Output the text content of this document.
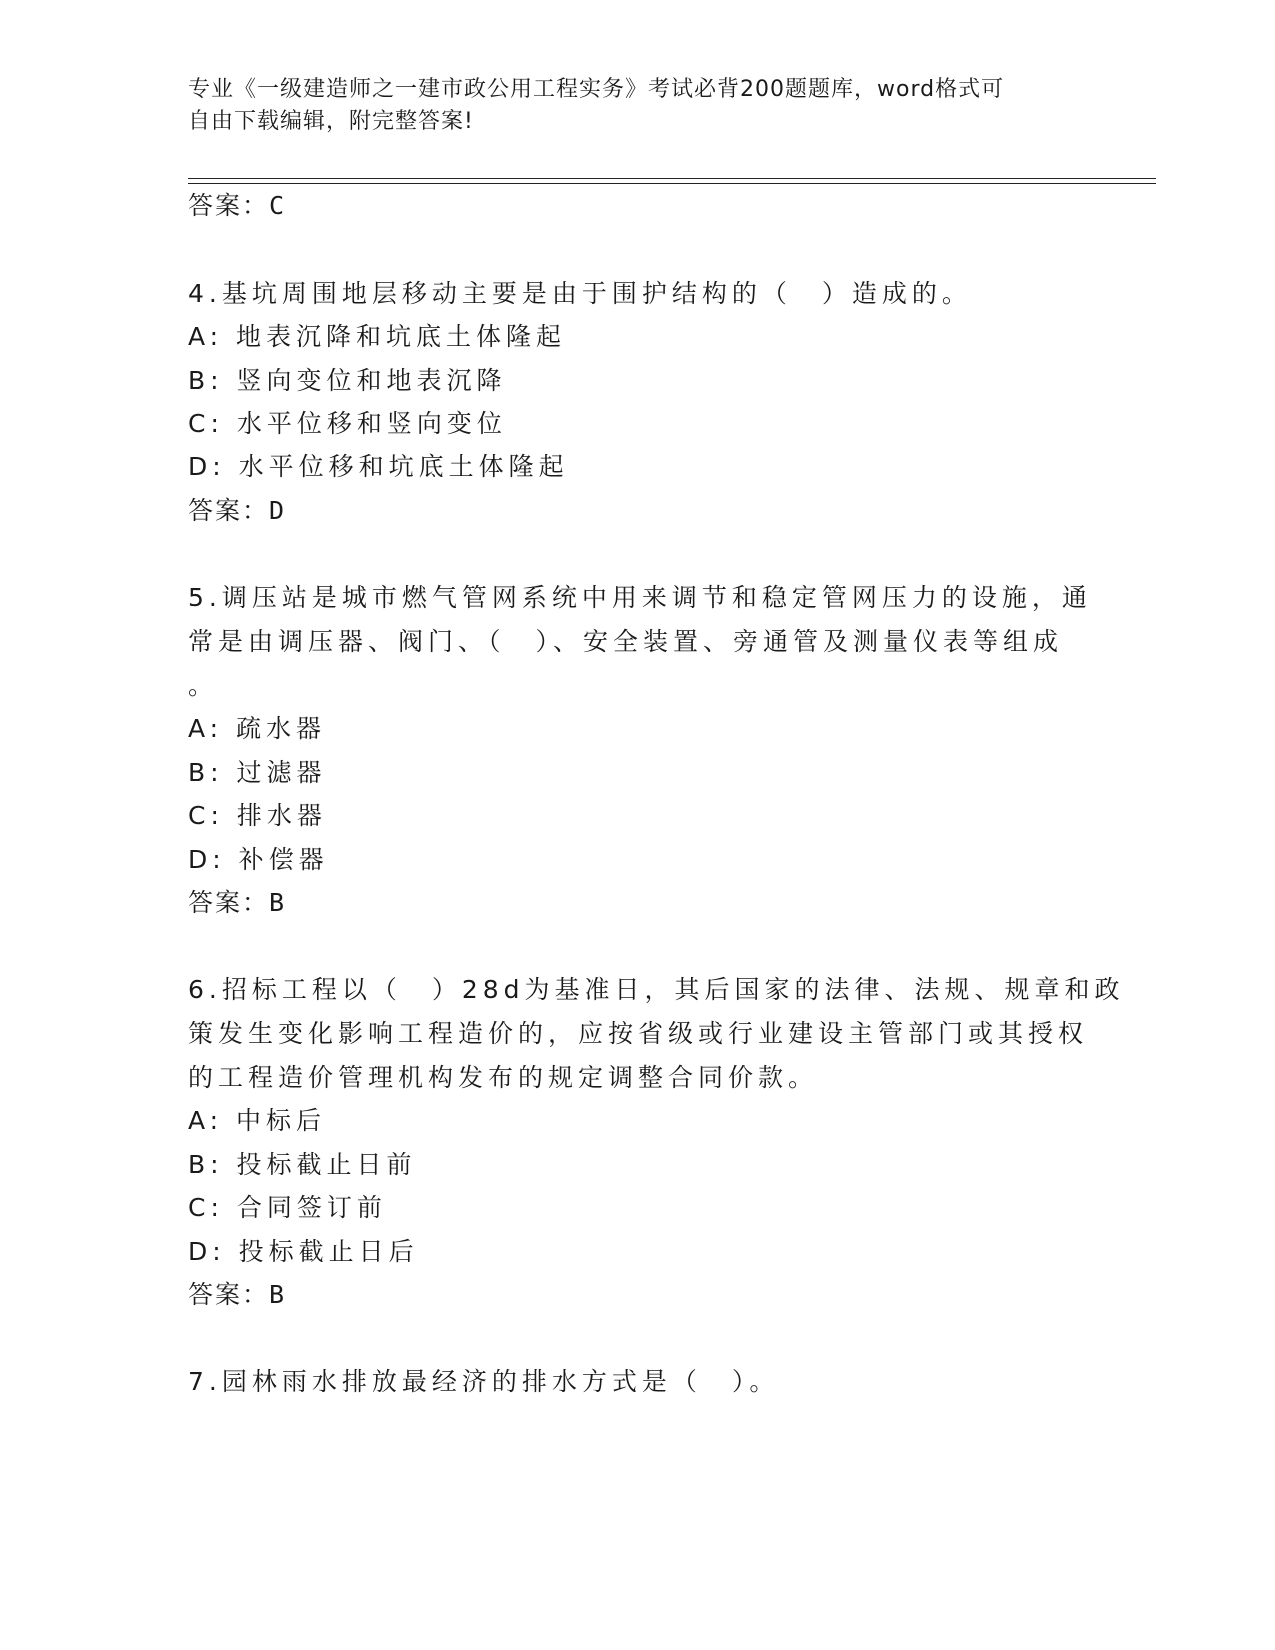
专业《一级建造师之一建市政公用工程实务》考试必背200题题库，word格式可
自由下载编辑，附完整答案!
答案：C
4.基坑周围地层移动主要是由于围护结构的（　）造成的。
A: 地表沉降和坑底土体隆起
B: 竖向变位和地表沉降
C: 水平位移和竖向变位
D: 水平位移和坑底土体隆起
答案：D
5.调压站是城市燃气管网系统中用来调节和稳定管网压力的设施，通
常是由调压器、阀门、（　）、安全装置、旁通管及测量仪表等组成
。
A: 疏水器
B: 过滤器
C: 排水器
D: 补偿器
答案：B
6.招标工程以（　）28d为基准日，其后国家的法律、法规、规章和政
策发生变化影响工程造价的，应按省级或行业建设主管部门或其授权
的工程造价管理机构发布的规定调整合同价款。
A: 中标后
B: 投标截止日前
C: 合同签订前
D: 投标截止日后
答案：B
7.园林雨水排放最经济的排水方式是（　）。
